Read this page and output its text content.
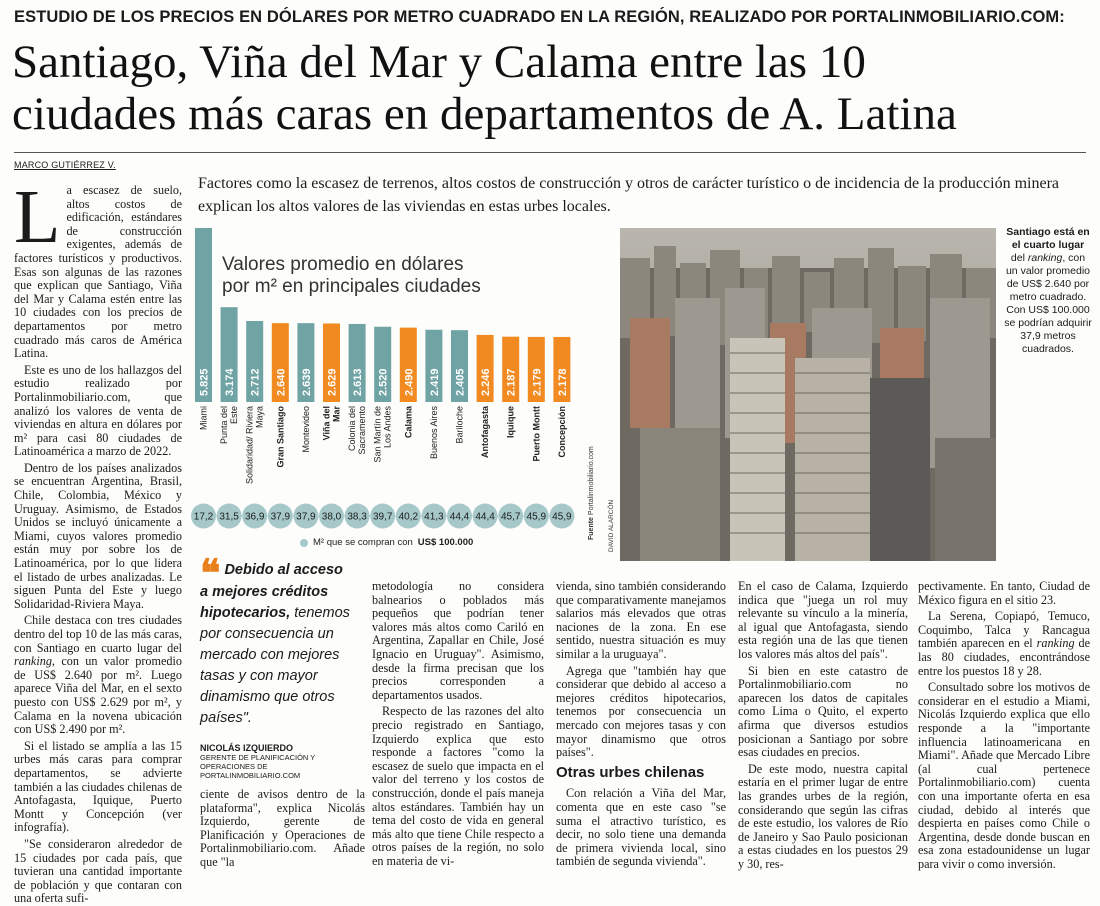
ESTUDIO DE LOS PRECIOS EN DÓLARES POR METRO CUADRADO EN LA REGIÓN, REALIZADO POR PORTALINMOBILIARIO.COM:
Santiago, Viña del Mar y Calama entre las 10
ciudades más caras en departamentos de A. Latina
MARCO GUTIÉRREZ V.
Factores como la escasez de terrenos, altos costos de construcción y otros de carácter turístico o de incidencia de la producción minera explican los altos valores de las viviendas en estas urbes locales.

La escasez de suelo, altos costos de edificación, estándares de construcción exigentes, además de factores turísticos y productivos. Esas son algunas de las razones que explican que Santiago, Viña del Mar y Calama estén entre las 10 ciudades con los precios de departamentos por metro cuadrado más caros de América Latina.

Este es uno de los hallazgos del estudio realizado por Portalinmobiliario.com, que analizó los valores de venta de viviendas en altura en dólares por m² para casi 80 ciudades de Latinoamérica a marzo de 2022.

Dentro de los países analizados se encuentran Argentina, Brasil, Chile, Colombia, México y Uruguay. Asimismo, de Estados Unidos se incluyó únicamente a Miami, cuyos valores promedio están muy por sobre los de Latinoamérica, por lo que lidera el listado de urbes analizadas. Le siguen Punta del Este y luego Solidaridad-Riviera Maya.

Chile destaca con tres ciudades dentro del top 10 de las más caras, con Santiago en cuarto lugar del ranking, con un valor promedio de US$ 2.640 por m². Luego aparece Viña del Mar, en el sexto puesto con US$ 2.629 por m², y Calama en la novena ubicación con US$ 2.490 por m².

Si el listado se amplía a las 15 urbes más caras para comprar departamentos, se advierte también a las ciudades chilenas de Antofagasta, Iquique, Puerto Montt y Concepción (ver infografía).

"Se consideraron alrededor de 15 ciudades por cada país, que tuvieran una cantidad importante de población y que contaran con una oferta sufi-

5.825
Miami
17,2
3.174
Punta delEste
31,5
2.712
Solidaridad/ RivieraMaya
36,9
2.640
Gran Santiago
37,9
2.639
Montevideo
37,9
2.629
Viña delMar
38,0
2.613
Colonia delSacramento
38,3
2.520
San Martín deLos Andes
39,7
2.490
Calama
40,2
2.419
Buenos Aires
41,3
2.405
Bariloche
44,4
2.246
Antofagasta
44,4
2.187
Iquique
45,7
2.179
Puerto Montt
45,9
2.178
Concepción
45,9
Valores promedio en dólares
por m² en principales ciudades
Fuente Portalinmobiliario.com
M² que se compran con US$ 100.000	DAVID ALARCÓN
Santiago está en el cuarto lugar del ranking, con un valor promedio de US$ 2.640 por metro cuadrado. Con US$ 100.000 se podrían adquirir 37,9 metros cuadrados.
❝ Debido al acceso a mejores créditos hipotecarios, tenemos por consecuencia un mercado con mejores tasas y con mayor dinamismo que otros países".
NICOLÁS IZQUIERDO
GERENTE DE PLANIFICACIÓN Y OPERACIONES DE
PORTALINMOBILIARIO.COM

ciente de avisos dentro de la plataforma", explica Nicolás Izquierdo, gerente de Planificación y Operaciones de Portalinmobiliario.com. Añade que "la

metodología no considera balnearios o poblados más pequeños que podrían tener valores más altos como Cariló en Argentina, Zapallar en Chile, José Ignacio en Uruguay". Asimismo, desde la firma precisan que los precios corresponden a departamentos usados.

Respecto de las razones del alto precio registrado en Santiago, Izquierdo explica que esto responde a factores "como la escasez de suelo que impacta en el valor del terreno y los costos de construcción, donde el país maneja altos estándares. También hay un tema del costo de vida en general más alto que tiene Chile respecto a otros países de la región, no solo en materia de vi-

vienda, sino también considerando que comparativamente manejamos salarios más elevados que otras naciones de la zona. En ese sentido, nuestra situación es muy similar a la uruguaya".

Agrega que "también hay que considerar que debido al acceso a mejores créditos hipotecarios, tenemos por consecuencia un mercado con mejores tasas y con mayor dinamismo que otros países".

Otras urbes chilenas

Con relación a Viña del Mar, comenta que en este caso "se suma el atractivo turístico, es decir, no solo tiene una demanda de primera vivienda local, sino también de segunda vivienda".

En el caso de Calama, Izquierdo indica que "juega un rol muy relevante su vínculo a la minería, al igual que Antofagasta, siendo esta región una de las que tienen los valores más altos del país".

Si bien en este catastro de Portalinmobiliario.com no aparecen los datos de capitales como Lima o Quito, el experto afirma que diversos estudios posicionan a Santiago por sobre esas ciudades en precios.

De este modo, nuestra capital estaría en el primer lugar de entre las grandes urbes de la región, considerando que según las cifras de este estudio, los valores de Río de Janeiro y Sao Paulo posicionan a estas ciudades en los puestos 29 y 30, res-

pectivamente. En tanto, Ciudad de México figura en el sitio 23.

La Serena, Copiapó, Temuco, Coquimbo, Talca y Rancagua también aparecen en el ranking de las 80 ciudades, encontrándose entre los puestos 18 y 28.

Consultado sobre los motivos de considerar en el estudio a Miami, Nicolás Izquierdo explica que ello responde a la "importante influencia latinoamericana en Miami". Añade que Mercado Libre (al cual pertenece Portalinmobiliario.com) cuenta con una importante oferta en esa ciudad, debido al interés que despierta en países como Chile o Argentina, desde donde buscan en esa zona estadounidense un lugar para vivir o como inversión.
